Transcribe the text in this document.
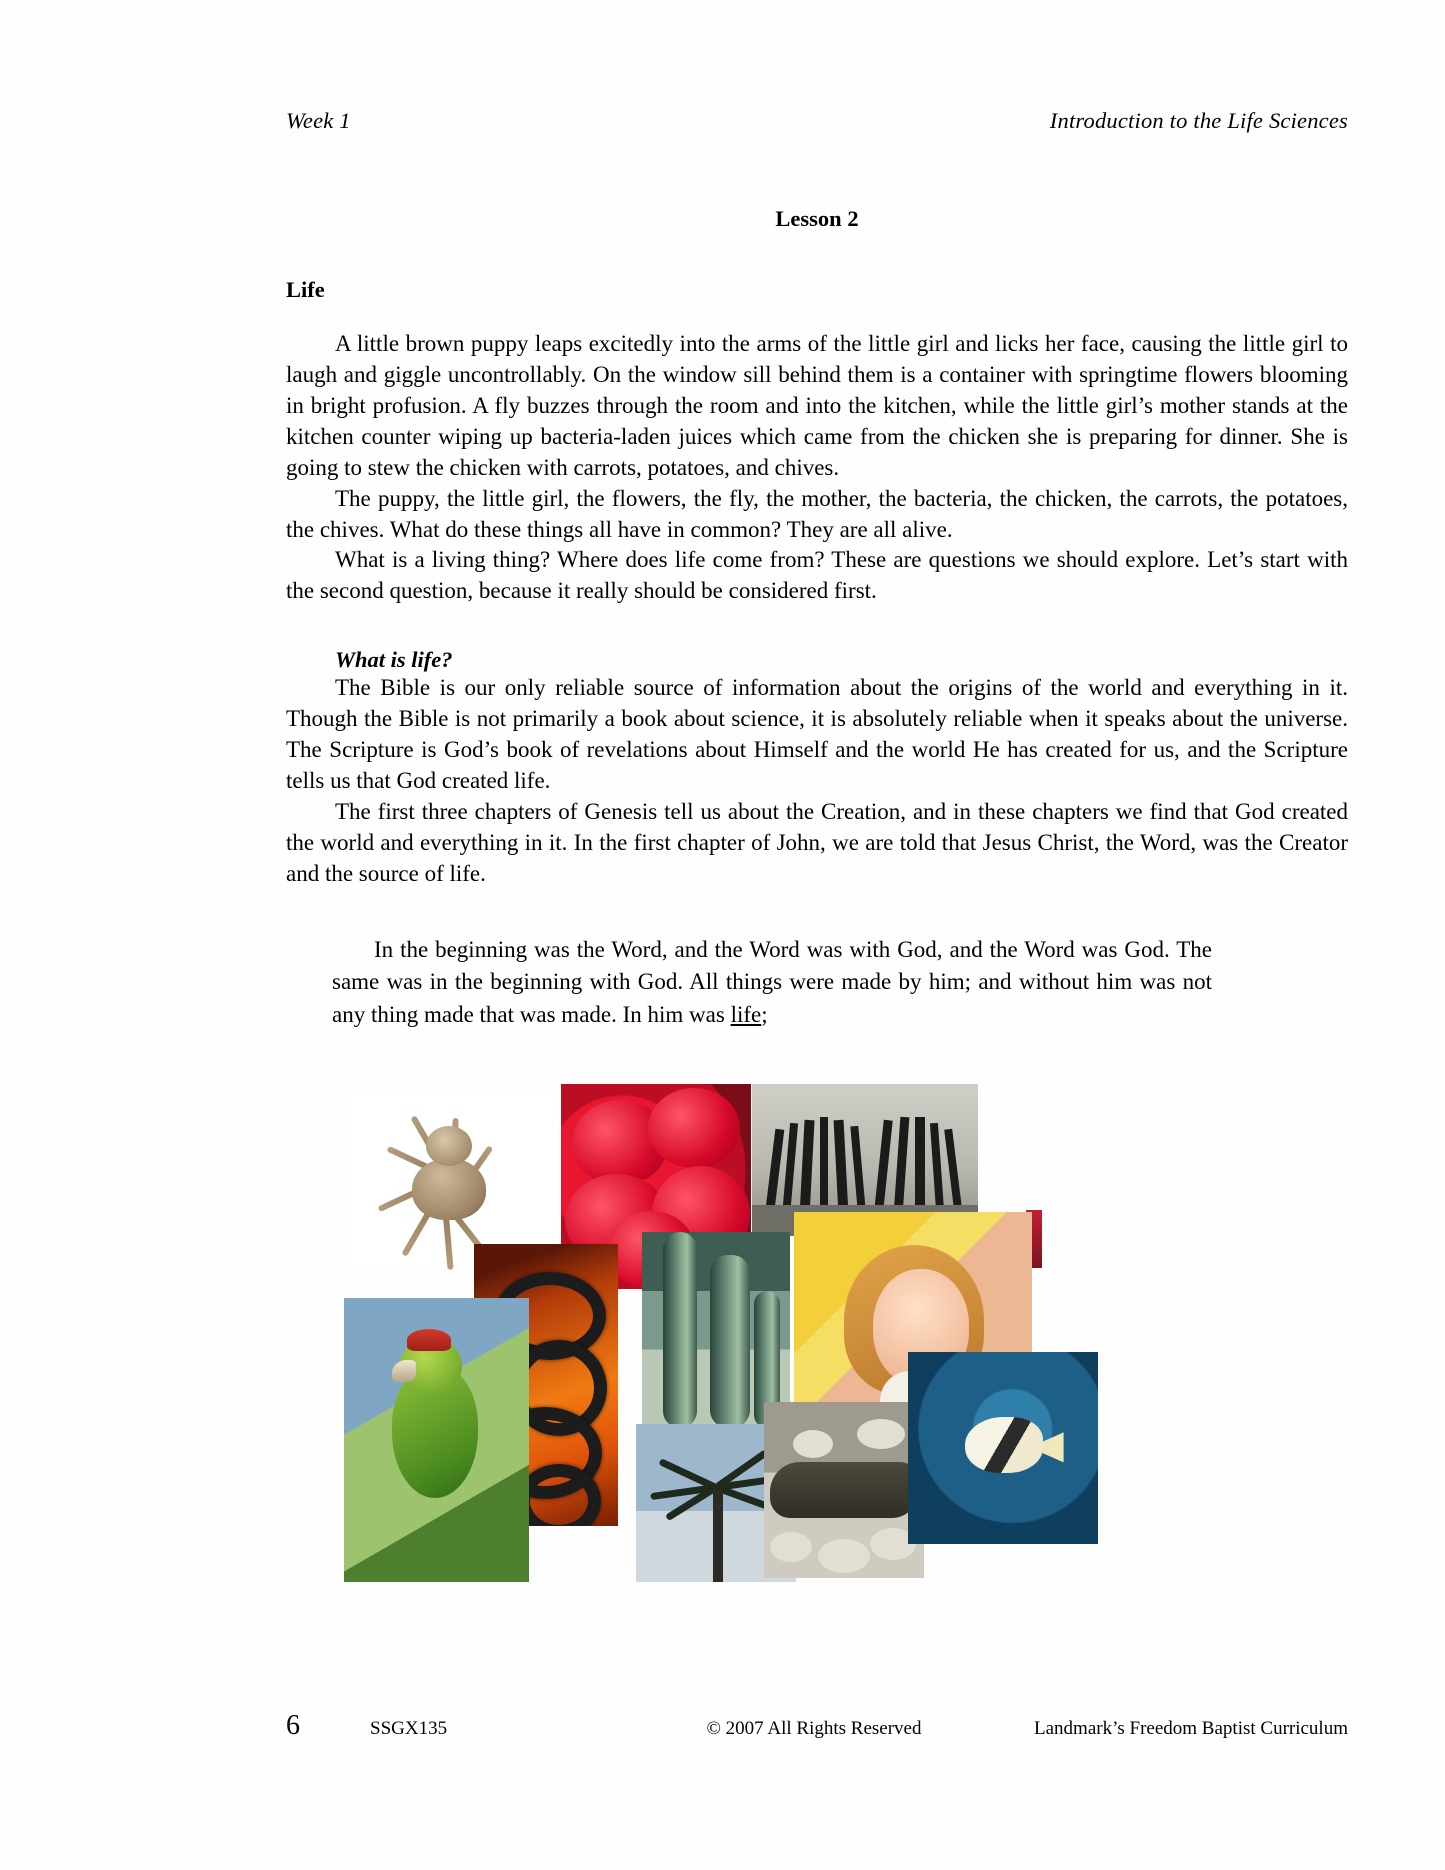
Week 1	Introduction to the Life Sciences
Lesson 2
Life

A little brown puppy leaps excitedly into the arms of the little girl and licks her face, causing the little girl to laugh and giggle uncontrollably. On the window sill behind them is a container with springtime flowers blooming in bright profusion. A fly buzzes through the room and into the kitchen, while the little girl’s mother stands at the kitchen counter wiping up bacteria-laden juices which came from the chicken she is preparing for dinner. She is going to stew the chicken with carrots, potatoes, and chives.

The puppy, the little girl, the flowers, the fly, the mother, the bacteria, the chicken, the carrots, the potatoes, the chives. What do these things all have in common? They are all alive.

What is a living thing? Where does life come from? These are questions we should explore. Let’s start with the second question, because it really should be considered first.

What is life?

The Bible is our only reliable source of information about the origins of the world and everything in it. Though the Bible is not primarily a book about science, it is absolutely reliable when it speaks about the universe. The Scripture is God’s book of revelations about Himself and the world He has created for us, and the Scripture tells us that God created life.

The first three chapters of Genesis tell us about the Creation, and in these chapters we find that God created the world and everything in it. In the first chapter of John, we are told that Jesus Christ, the Word, was the Creator and the source of life.

In the beginning was the Word, and the Word was with God, and the Word was God. The same was in the beginning with God. All things were made by him; and without him was not any thing made that was made. In him was life;
6	SSGX135	© 2007 All Rights Reserved	Landmark’s Freedom Baptist Curriculum
